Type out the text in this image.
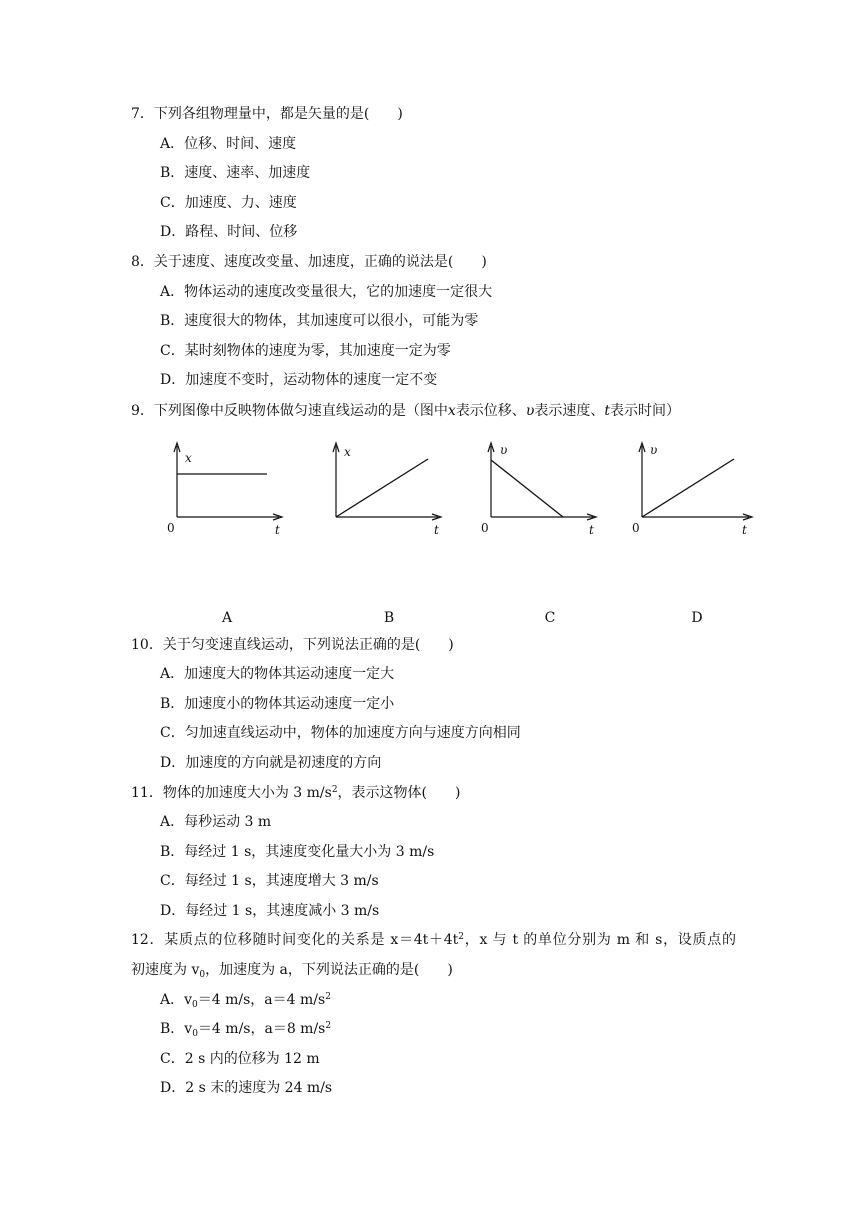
7．下列各组物理量中，都是矢量的是(　　)
A．位移、时间、速度
B．速度、速率、加速度
C．加速度、力、速度
D．路程、时间、位移
8．关于速度、速度改变量、加速度，正确的说法是(　　)
A．物体运动的速度改变量很大，它的加速度一定很大
B．速度很大的物体，其加速度可以很小，可能为零
C．某时刻物体的速度为零，其加速度一定为零
D．加速度不变时，运动物体的速度一定不变
9．下列图像中反映物体做匀速直线运动的是（图中x表示位移、υ表示速度、t表示时间）
x
t
0
x
t
υ
t
0
υ
t
0
A	B	C	D
10．关于匀变速直线运动，下列说法正确的是(　　)
A．加速度大的物体其运动速度一定大
B．加速度小的物体其运动速度一定小
C．匀加速直线运动中，物体的加速度方向与速度方向相同
D．加速度的方向就是初速度的方向
11．物体的加速度大小为 3 $m/s^2$，表示这物体(　　)
A．每秒运动 3 m
B．每经过 1 s，其速度变化量大小为 3 m/s
C．每经过 1 s，其速度增大 3 m/s
D．每经过 1 s，其速度减小 3 m/s
12．某质点的位移随时间变化的关系是 $x=4t+4t^2$，x 与 t 的单位分别为 m 和 s，设质点的
初速度为 $v_0$，加速度为 a，下列说法正确的是(　　)
A．$v_0=4$ m/s，a＝4 $m/s^2$
B．$v_0=4$ m/s，a＝8 $m/s^2$
C．2 s 内的位移为 12 m
D．2 s 末的速度为 24 m/s
